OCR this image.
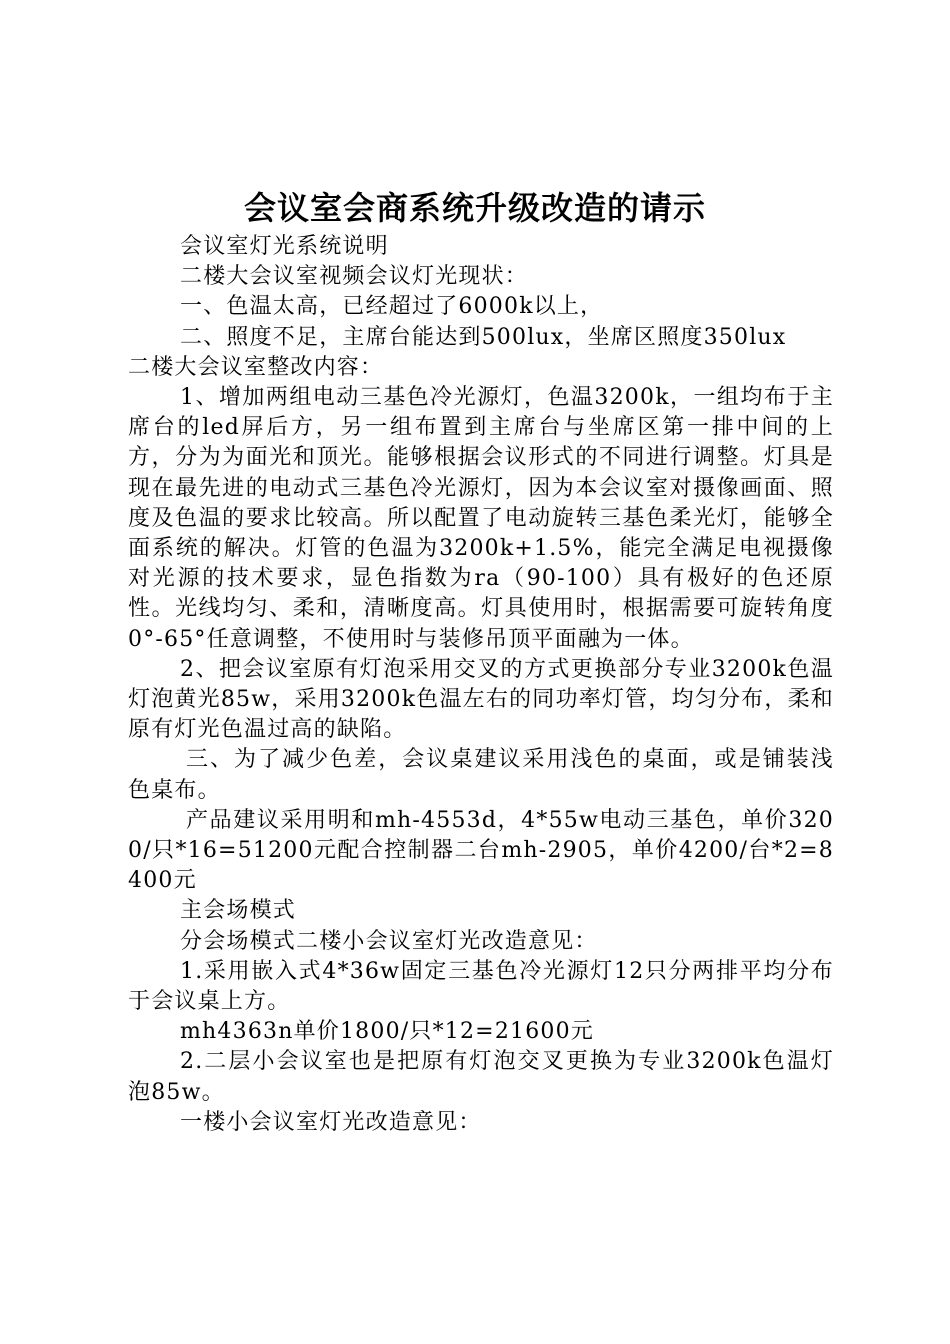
会议室会商系统升级改造的请示

会议室灯光系统说明

二楼大会议室视频会议灯光现状：

一、色温太高，已经超过了6000k以上，

二、照度不足，主席台能达到500lux，坐席区照度350lux

二楼大会议室整改内容：

1、增加两组电动三基色冷光源灯，色温3200k，一组均布于主席台的led屏后方，另一组布置到主席台与坐席区第一排中间的上方，分为为面光和顶光。能够根据会议形式的不同进行调整。灯具是现在最先进的电动式三基色冷光源灯，因为本会议室对摄像画面、照度及色温的要求比较高。所以配置了电动旋转三基色柔光灯，能够全面系统的解决。灯管的色温为3200k+1.5%，能完全满足电视摄像对光源的技术要求，显色指数为ra（90-100）具有极好的色还原性。光线均匀、柔和，清晰度高。灯具使用时，根据需要可旋转角度0°-65°任意调整，不使用时与装修吊顶平面融为一体。

2、把会议室原有灯泡采用交叉的方式更换部分专业3200k色温灯泡黄光85w，采用3200k色温左右的同功率灯管，均匀分布，柔和原有灯光色温过高的缺陷。

三、为了减少色差，会议桌建议采用浅色的桌面，或是铺装浅色桌布。

产品建议采用明和mh-4553d，4*55w电动三基色，单价3200/只*16=51200元配合控制器二台mh-2905，单价4200/台*2=8400元

主会场模式

分会场模式二楼小会议室灯光改造意见：

1.采用嵌入式4*36w固定三基色冷光源灯12只分两排平均分布于会议桌上方。

mh4363n单价1800/只*12=21600元

2.二层小会议室也是把原有灯泡交叉更换为专业3200k色温灯泡85w。

一楼小会议室灯光改造意见：
